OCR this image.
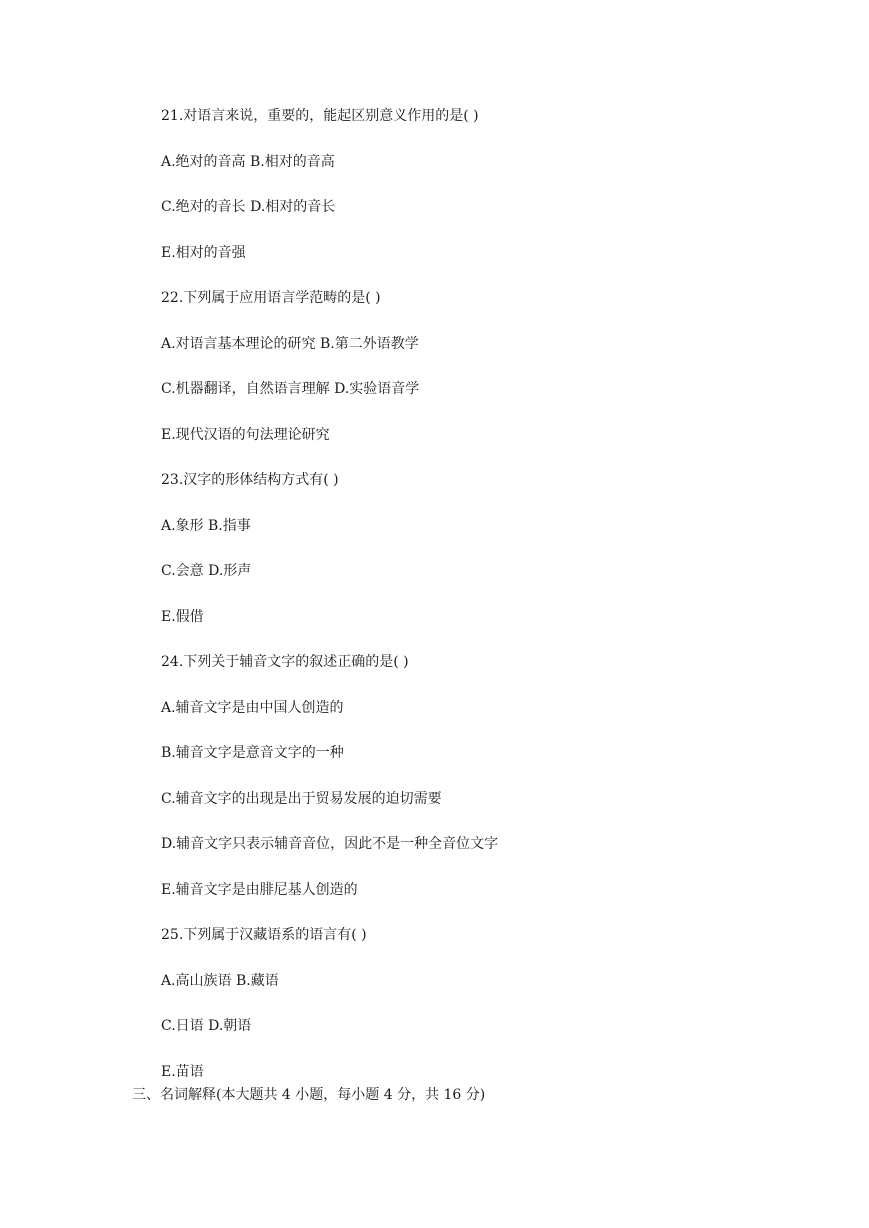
21.对语言来说，重要的，能起区别意义作用的是( )
A.绝对的音高 B.相对的音高
C.绝对的音长 D.相对的音长
E.相对的音强
22.下列属于应用语言学范畴的是( )
A.对语言基本理论的研究 B.第二外语教学
C.机器翻译，自然语言理解 D.实验语音学
E.现代汉语的句法理论研究
23.汉字的形体结构方式有( )
A.象形 B.指事
C.会意 D.形声
E.假借
24.下列关于辅音文字的叙述正确的是( )
A.辅音文字是由中国人创造的
B.辅音文字是意音文字的一种
C.辅音文字的出现是出于贸易发展的迫切需要
D.辅音文字只表示辅音音位，因此不是一种全音位文字
E.辅音文字是由腓尼基人创造的
25.下列属于汉藏语系的语言有( )
A.高山族语 B.藏语
C.日语 D.朝语
E.苗语
三、名词解释(本大题共 4 小题，每小题 4 分，共 16 分)
